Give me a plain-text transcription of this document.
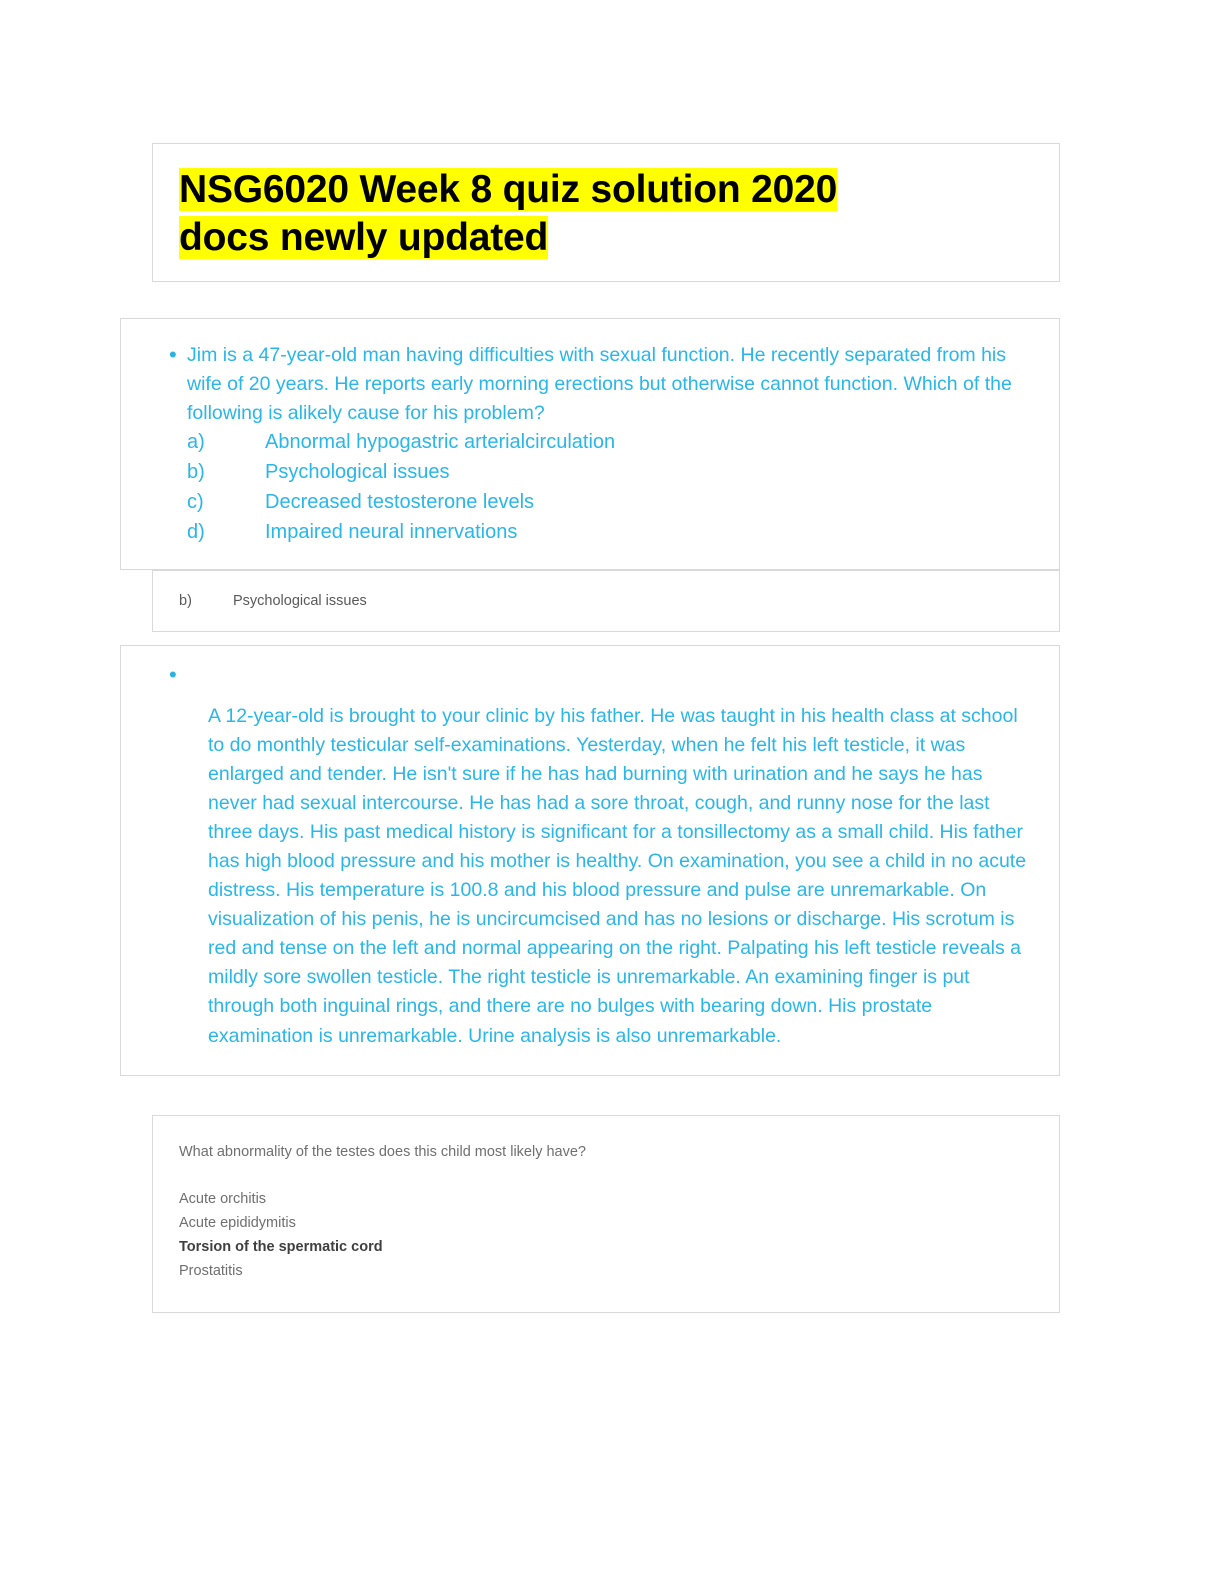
NSG6020 Week 8 quiz solution 2020
docs newly updated
• Jim is a 47-year-old man having difficulties with sexual function. He recently separated from his wife of 20 years. He reports early morning erections but otherwise cannot function. Which of the following is alikely cause for his problem?
a)	Abnormal hypogastric arterialcirculation
b)	Psychological issues
c)	Decreased testosterone levels
d)	Impaired neural innervations
b)	Psychological issues
•
A 12-year-old is brought to your clinic by his father. He was taught in his health class at school to do monthly testicular self-examinations. Yesterday, when he felt his left testicle, it was enlarged and tender. He isn't sure if he has had burning with urination and he says he has never had sexual intercourse. He has had a sore throat, cough, and runny nose for the last three days. His past medical history is significant for a tonsillectomy as a small child. His father has high blood pressure and his mother is healthy. On examination, you see a child in no acute distress. His temperature is 100.8 and his blood pressure and pulse are unremarkable. On visualization of his penis, he is uncircumcised and has no lesions or discharge. His scrotum is red and tense on the left and normal appearing on the right. Palpating his left testicle reveals a mildly sore swollen testicle. The right testicle is unremarkable. An examining finger is put through both inguinal rings, and there are no bulges with bearing down. His prostate examination is unremarkable. Urine analysis is also unremarkable.
What abnormality of the testes does this child most likely have?
Acute orchitis
Acute epididymitis
Torsion of the spermatic cord
Prostatitis
